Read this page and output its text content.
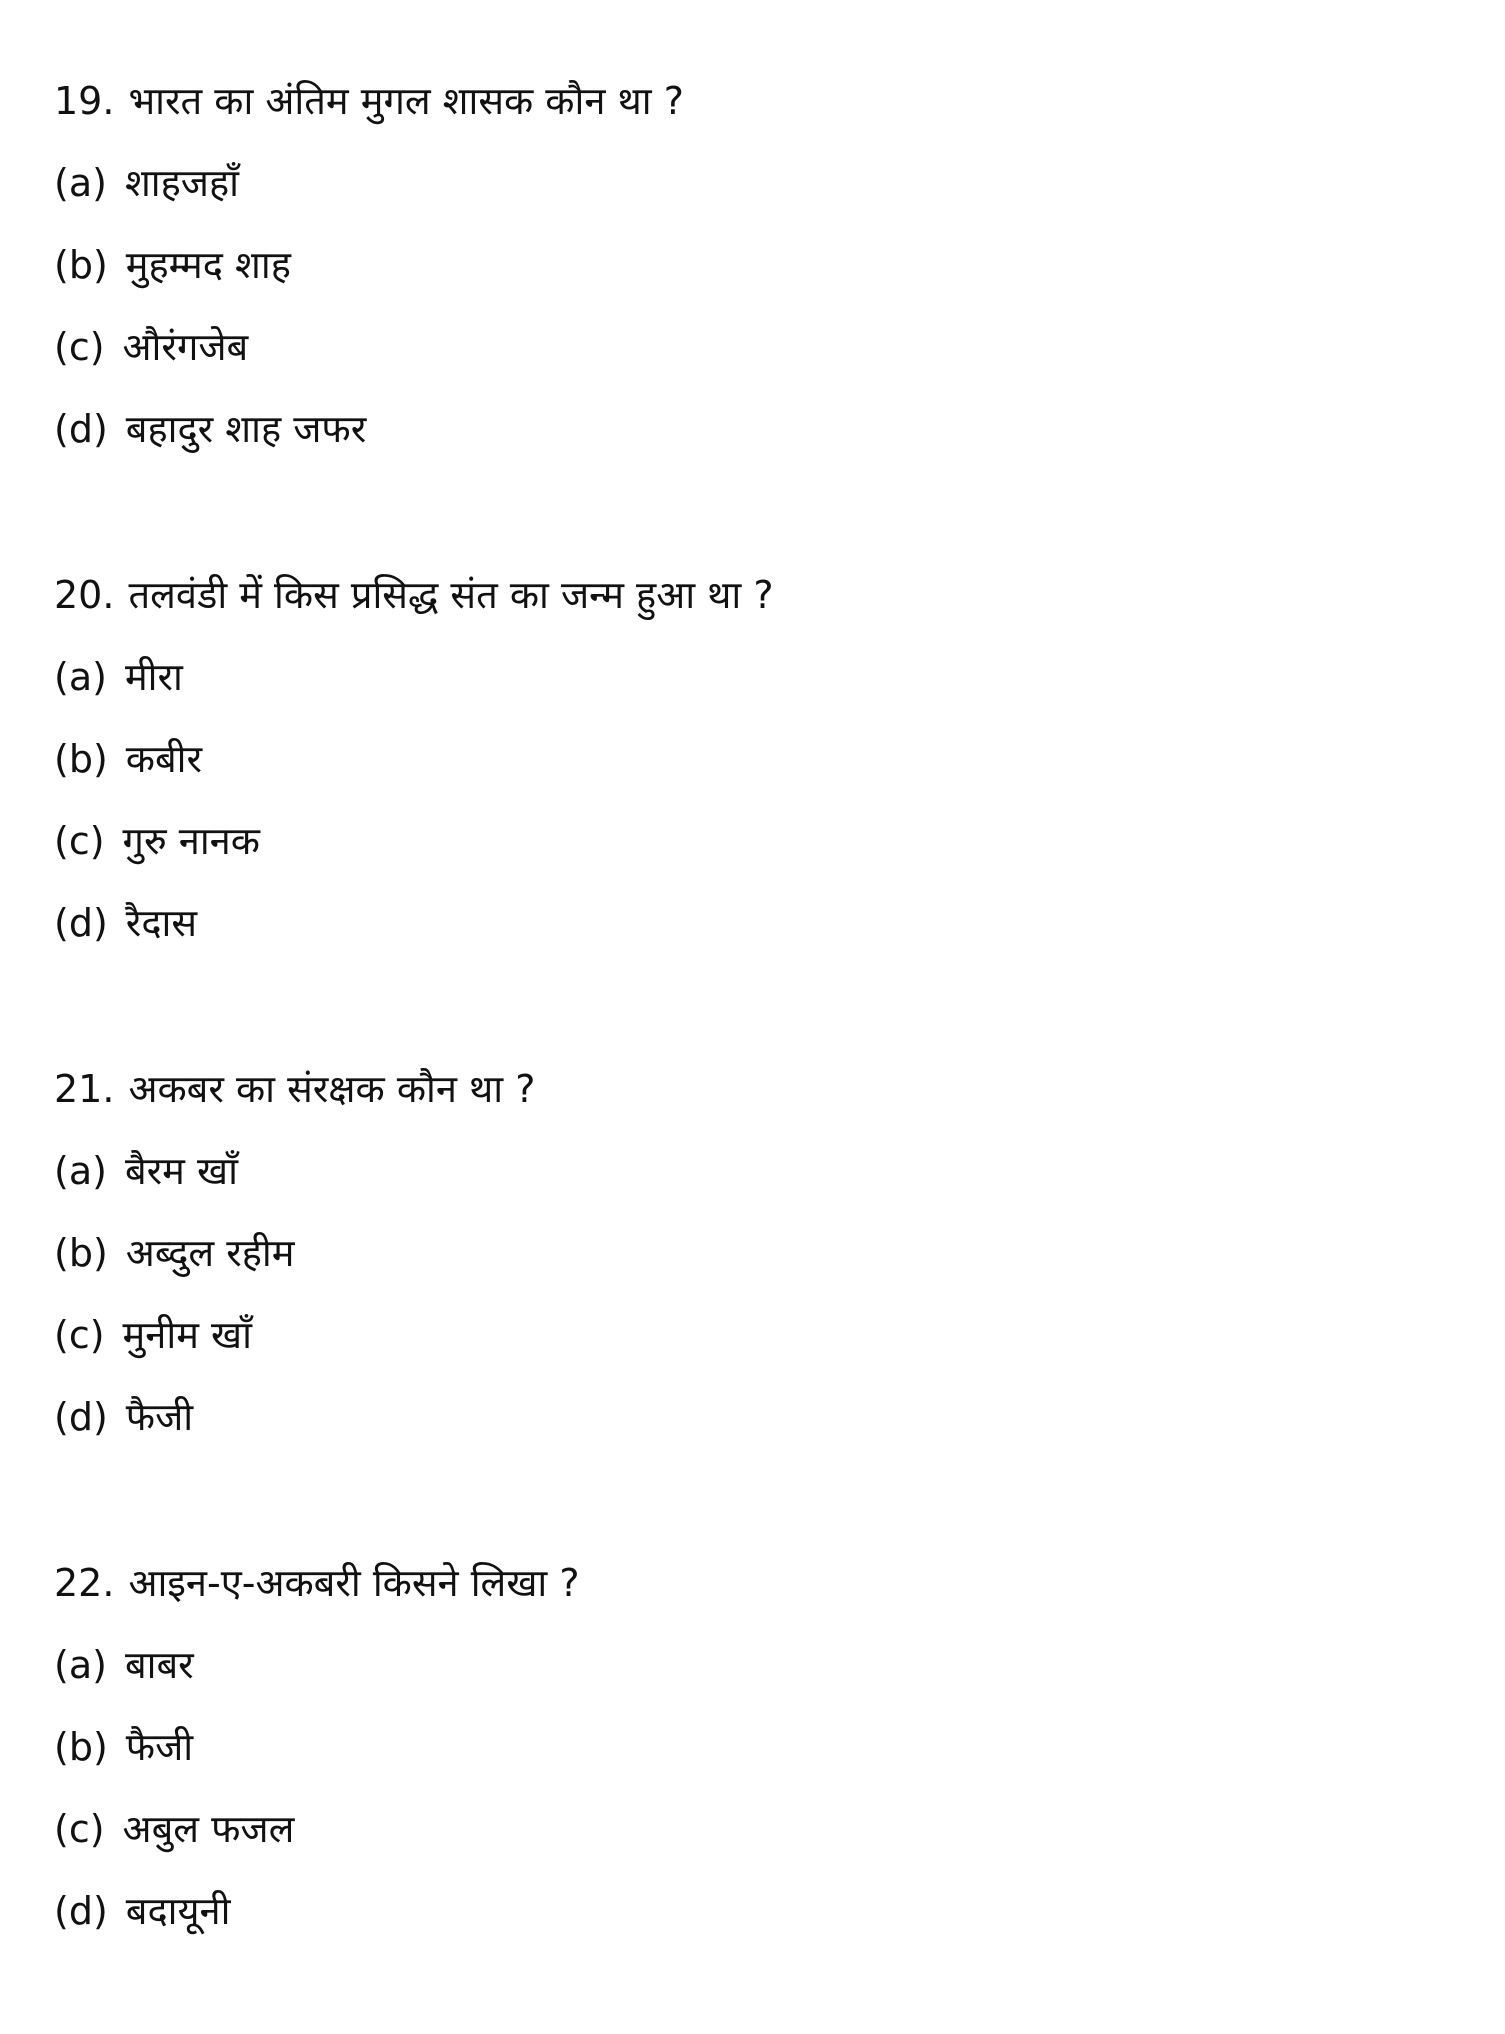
19. भारत का अंतिम मुगल शासक कौन था ?
(a) शाहजहाँ
(b) मुहम्मद शाह
(c) औरंगजेब
(d) बहादुर शाह जफर
20. तलवंडी में किस प्रसिद्ध संत का जन्म हुआ था ?
(a) मीरा
(b) कबीर
(c) गुरु नानक
(d) रैदास
21. अकबर का संरक्षक कौन था ?
(a) बैरम खाँ
(b) अब्दुल रहीम
(c) मुनीम खाँ
(d) फैजी
22. आइन-ए-अकबरी किसने लिखा ?
(a) बाबर
(b) फैजी
(c) अबुल फजल
(d) बदायूनी
